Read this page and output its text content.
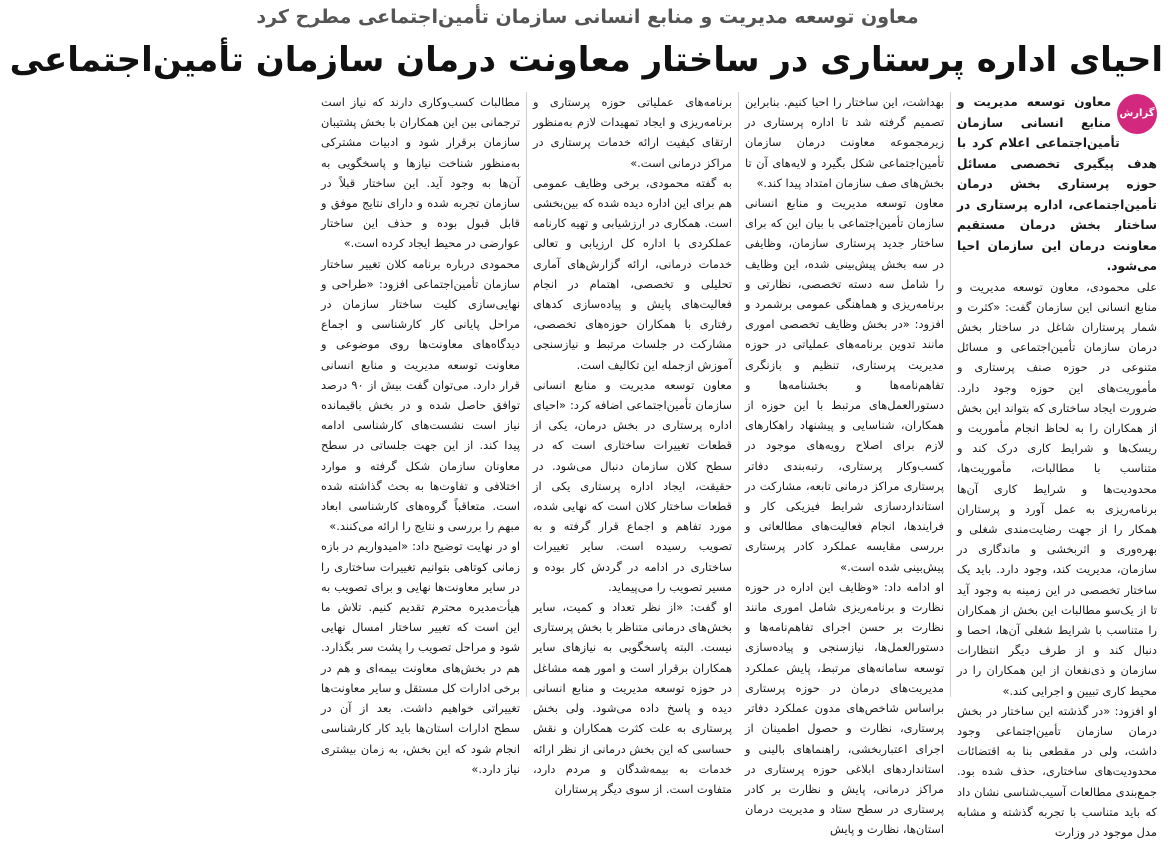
معاون توسعه مدیریت و منابع انسانی سازمان تأمین‌اجتماعی مطرح کرد
احیای اداره پرستاری در ساختار معاونت درمان سازمان تأمین‌اجتماعی
گزارش

معاون توسعه مدیریت و منابع انسانی سازمان تأمین‌اجتماعی اعلام کرد با هدف پیگیری تخصصی مسائل حوزه پرستاری بخش درمان تأمین‌اجتماعی، اداره پرستاری در ساختار بخش درمان مستقیم معاونت درمان این سازمان احیا می‌شود.

علی محمودی، معاون توسعه مدیریت و منابع انسانی این سازمان گفت: «کثرت و شمار پرستاران شاغل در ساختار بخش درمان سازمان تأمین‌اجتماعی و مسائل متنوعی در حوزه صنف پرستاری و مأموریت‌های این حوزه وجود دارد. ضرورت ایجاد ساختاری که بتواند این بخش از همکاران را به لحاظ انجام مأموریت و ریسک‌ها و شرایط کاری درک کند و متناسب با مطالبات، مأموریت‌ها، محدودیت‌ها و شرایط کاری آن‌ها برنامه‌ریزی به عمل آورد و پرستاران همکار را از جهت رضایت‌مندی شغلی و بهره‌وری و اثربخشی و ماندگاری در سازمان، مدیریت کند، وجود دارد. باید یک ساختار تخصصی در این زمینه به وجود آید تا از یک‌سو مطالبات این بخش از همکاران را متناسب با شرایط شغلی آن‌ها، احصا و دنبال کند و از طرف دیگر انتظارات سازمان و ذی‌نفعان از این همکاران را در محیط کاری تبیین و اجرایی کند.»

او افزود: «در گذشته این ساختار در بخش درمان سازمان تأمین‌اجتماعی وجود داشت، ولی در مقطعی بنا به اقتضائات محدودیت‌های ساختاری، حذف شده بود. جمع‌بندی مطالعات آسیب‌شناسی نشان داد که باید متناسب با تجربه گذشته و مشابه مدل موجود در وزارت

بهداشت، این ساختار را احیا کنیم. بنابراین تصمیم گرفته شد تا اداره پرستاری در زیرمجموعه معاونت درمان سازمان تأمین‌اجتماعی شکل بگیرد و لایه‌های آن تا بخش‌های صف سازمان امتداد پیدا کند.»

معاون توسعه مدیریت و منابع انسانی سازمان تأمین‌اجتماعی با بیان این که برای ساختار جدید پرستاری سازمان، وظایفی در سه بخش پیش‌بینی شده، این وظایف را شامل سه دسته تخصصی، نظارتی و برنامه‌ریزی و هماهنگی عمومی برشمرد و افزود: «در بخش وظایف تخصصی اموری مانند تدوین برنامه‌های عملیاتی در حوزه مدیریت پرستاری، تنظیم و بازنگری تفاهم‌نامه‌ها و بخشنامه‌ها و دستورالعمل‌های مرتبط با این حوزه از همکاران، شناسایی و پیشنهاد راهکارهای لازم برای اصلاح رویه‌های موجود در کسب‌وکار پرستاری، رتبه‌بندی دفاتر پرستاری مراکز درمانی تابعه، مشارکت در استانداردسازی شرایط فیزیکی کار و فرایندها، انجام فعالیت‌های مطالعاتی و بررسی مقایسه عملکرد کادر پرستاری پیش‌بینی شده است.»

او ادامه داد: «وظایف این اداره در حوزه نظارت و برنامه‌ریزی شامل اموری مانند نظارت بر حسن اجرای تفاهم‌نامه‌ها و دستورالعمل‌ها، نیازسنجی و پیاده‌سازی توسعه سامانه‌های مرتبط، پایش عملکرد مدیریت‌های درمان در حوزه پرستاری براساس شاخص‌های مدون عملکرد دفاتر پرستاری، نظارت و حصول اطمینان از اجرای اعتباربخشی، راهنماهای بالینی و استانداردهای ابلاغی حوزه پرستاری در مراکز درمانی، پایش و نظارت بر کادر پرستاری در سطح ستاد و مدیریت درمان استان‌ها، نظارت و پایش

برنامه‌های عملیاتی حوزه پرستاری و برنامه‌ریزی و ایجاد تمهیدات لازم به‌منظور ارتقای کیفیت ارائه خدمات پرستاری در مراکز درمانی است.»

به گفته محمودی، برخی وظایف عمومی هم برای این اداره دیده شده که بین‌بخشی است. همکاری در ارزشیابی و تهیه کارنامه عملکردی با اداره کل ارزیابی و تعالی خدمات درمانی، ارائه گزارش‌های آماری تحلیلی و تخصصی، اهتمام در انجام فعالیت‌های پایش و پیاده‌سازی کدهای رفتاری با همکاران حوزه‌های تخصصی، مشارکت در جلسات مرتبط و نیازسنجی آموزش ازجمله این تکالیف است.

معاون توسعه مدیریت و منابع انسانی سازمان تأمین‌اجتماعی اضافه کرد: «احیای اداره پرستاری در بخش درمان، یکی از قطعات تغییرات ساختاری است که در سطح کلان سازمان دنبال می‌شود. در حقیقت، ایجاد اداره پرستاری یکی از قطعات ساختار کلان است که نهایی شده، مورد تفاهم و اجماع قرار گرفته و به تصویب رسیده است. سایر تغییرات ساختاری در ادامه در گردش کار بوده و مسیر تصویب را می‌پیماید.

او گفت: «از نظر تعداد و کمیت، سایر بخش‌های درمانی متناظر با بخش پرستاری نیست. البته پاسخگویی به نیازهای سایر همکاران برقرار است و امور همه مشاغل در حوزه توسعه مدیریت و منابع انسانی دیده و پاسخ داده می‌شود. ولی بخش پرستاری به علت کثرت همکاران و نقش حساسی که این بخش درمانی از نظر ارائه خدمات به بیمه‌شدگان و مردم دارد، متفاوت است. از سوی دیگر پرستاران

مطالبات کسب‌وکاری دارند که نیاز است ترجمانی بین این همکاران با بخش پشتیبان سازمان برقرار شود و ادبیات مشترکی به‌منظور شناخت نیازها و پاسخگویی به آن‌ها به وجود آید. این ساختار قبلاً در سازمان تجربه شده و دارای نتایج موفق و قابل قبول بوده و حذف این ساختار عوارضی در محیط ایجاد کرده است.»

محمودی درباره برنامه کلان تغییر ساختار سازمان تأمین‌اجتماعی افزود: «طراحی و نهایی‌سازی کلیت ساختار سازمان در مراحل پایانی کار کارشناسی و اجماع دیدگاه‌های معاونت‌ها روی موضوعی و معاونت توسعه مدیریت و منابع انسانی قرار دارد. می‌توان گفت بیش از ۹۰ درصد توافق حاصل شده و در بخش باقیمانده نیاز است نشست‌های کارشناسی ادامه پیدا کند. از این جهت جلساتی در سطح معاونان سازمان شکل گرفته و موارد اختلافی و تفاوت‌ها به بحث گذاشته شده است. متعاقباً گروه‌های کارشناسی ابعاد مبهم را بررسی و نتایج را ارائه می‌کنند.»

او در نهایت توضیح داد: «امیدواریم در بازه زمانی کوتاهی بتوانیم تغییرات ساختاری را در سایر معاونت‌ها نهایی و برای تصویب به هیأت‌مدیره محترم تقدیم کنیم. تلاش ما این است که تغییر ساختار امسال نهایی شود و مراحل تصویب را پشت سر بگذارد. هم در بخش‌های معاونت بیمه‌ای و هم در برخی ادارات کل مستقل و سایر معاونت‌ها تغییراتی خواهیم داشت. بعد از آن در سطح ادارات استان‌ها باید کار کارشناسی انجام شود که این بخش، به زمان بیشتری نیاز دارد.»
